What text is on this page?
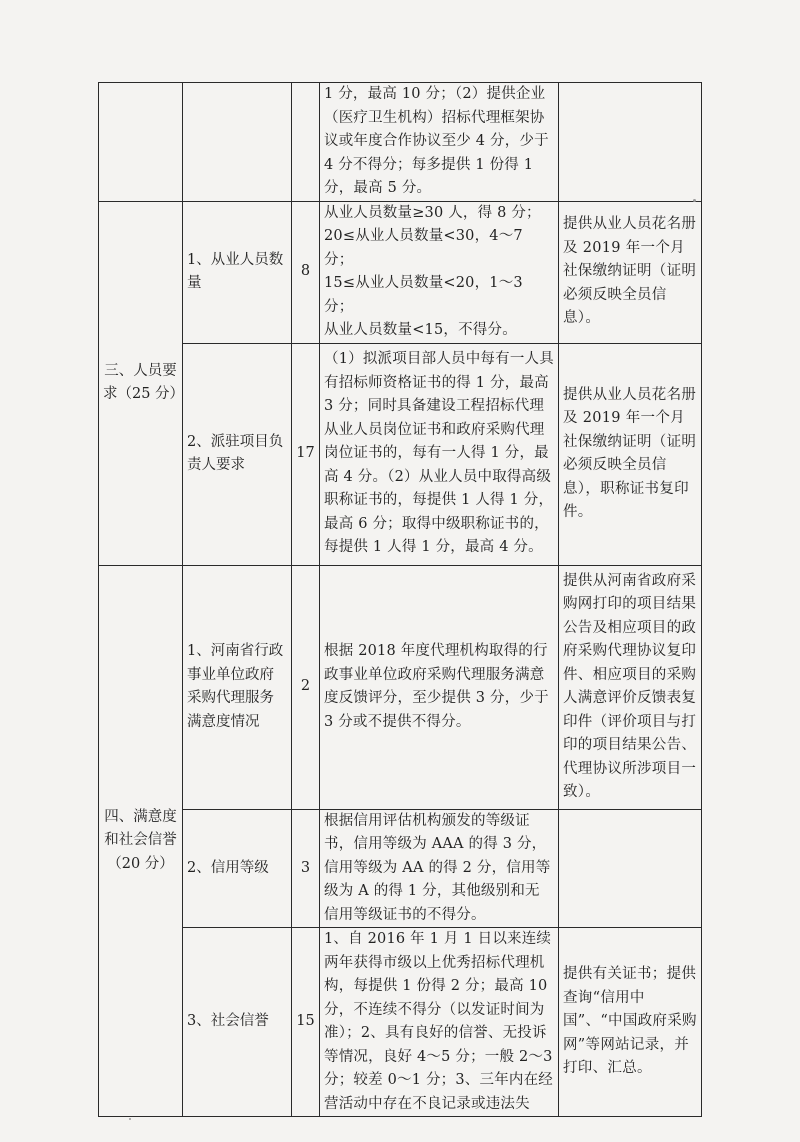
			1 分，最高 10 分；（2）提供企业（医疗卫生机构）招标代理框架协议或年度合作协议至少 4 分，少于 4 分不得分；每多提供 1 份得 1 分，最高 5 分。	

三、人员要求（25 分）	1、从业人员数量	8	从业人员数量≥30 人，得 8 分；
20≤从业人员数量<30，4～7 分；
15≤从业人员数量<20，1～3 分；
从业人员数量<15，不得分。	提供从业人员花名册及 2019 年一个月社保缴纳证明（证明必须反映全员信息）。
	2、派驻项目负责人要求	17	（1）拟派项目部人员中每有一人具有招标师资格证书的得 1 分，最高 3 分；同时具备建设工程招标代理从业人员岗位证书和政府采购代理岗位证书的，每有一人得 1 分，最高 4 分。（2）从业人员中取得高级职称证书的，每提供 1 人得 1 分，最高 6 分；取得中级职称证书的，每提供 1 人得 1 分，最高 4 分。	提供从业人员花名册及 2019 年一个月社保缴纳证明（证明必须反映全员信息），职称证书复印件。
四、满意度和社会信誉（20 分）	1、河南省行政事业单位政府采购代理服务满意度情况	2	根据 2018 年度代理机构取得的行政事业单位政府采购代理服务满意度反馈评分，至少提供 3 分，少于 3 分或不提供不得分。	提供从河南省政府采购网打印的项目结果公告及相应项目的政府采购代理协议复印件、相应项目的采购人满意评价反馈表复印件（评价项目与打印的项目结果公告、代理协议所涉项目一致）。
	2、信用等级	3	根据信用评估机构颁发的等级证书，信用等级为 AAA 的得 3 分，信用等级为 AA 的得 2 分，信用等级为 A 的得 1 分，其他级别和无信用等级证书的不得分。	

	3、社会信誉	15	1、自 2016 年 1 月 1 日以来连续两年获得市级以上优秀招标代理机构，每提供 1 份得 2 分；最高 10 分，不连续不得分（以发证时间为准）；2、具有良好的信誉、无投诉等情况，良好 4～5 分；一般 2～3 分；较差 0～1 分；3、三年内在经营活动中存在不良记录或违法失	提供有关证书；提供查询“信用中国”、“中国政府采购网”等网站记录，并打印、汇总。
